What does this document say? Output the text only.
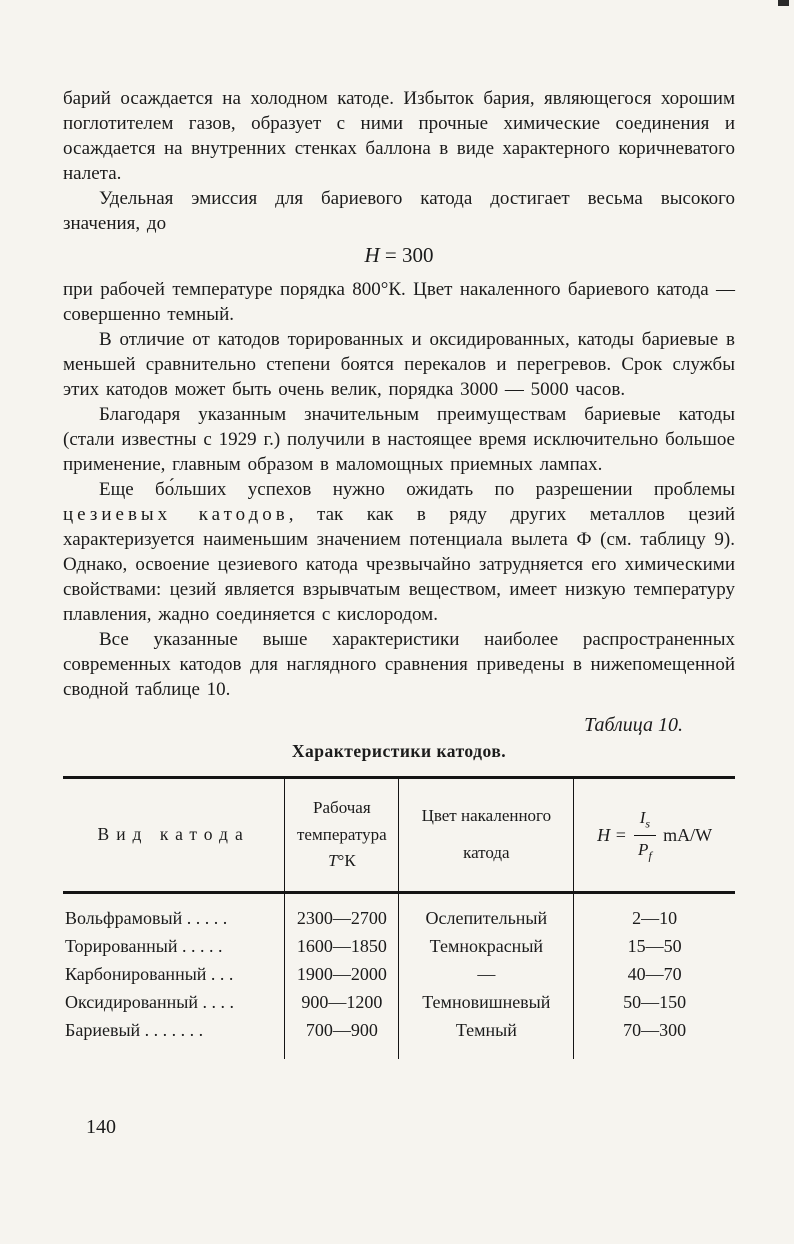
барий осаждается на холодном катоде. Избыток бария, являющегося хорошим поглотителем газов, образует с ними прочные химические соединения и осаждается на внутренних стенках баллона в виде характерного коричневатого налета.

Удельная эмиссия для бариевого катода достигает весьма высокого значения, до

H = 300

при рабочей температуре порядка 800°К. Цвет накаленного бариевого катода — совершенно темный.

В отличие от катодов торированных и оксидированных, катоды бариевые в меньшей сравнительно степени боятся перекалов и перегревов. Срок службы этих катодов может быть очень велик, порядка 3000 — 5000 часов.

Благодаря указанным значительным преимуществам бариевые катоды (стали известны с 1929 г.) получили в настоящее время исключительно большое применение, главным образом в маломощных приемных лампах.

Еще бо́льших успехов нужно ожидать по разрешении проблемы цезиевых катодов, так как в ряду других металлов цезий характеризуется наименьшим значением потенциала вылета Ф (см. таблицу 9). Однако, освоение цезиевого катода чрезвычайно затрудняется его химическими свойствами: цезий является взрывчатым веществом, имеет низкую температуру плавления, жадно соединяется с кислородом.

Все указанные выше характеристики наиболее распространенных современных катодов для наглядного сравнения приведены в нижепомещенной сводной таблице 10.

Таблица 10.
Характеристики катодов.
Вид катода	
Рабочая
температура
Т°К

Цвет накаленного
катода

$H = \frac{I_s}{P_f} mA/W$

Вольфрамовый . . . . .	2300—2700	Ослепительный	2—10
Торированный . . . . .	1600—1850	Темнокрасный	15—50
Карбонированный . . .	1900—2000	—	40—70
Оксидированный . . . .	900—1200	Темновишневый	50—150
Бариевый . . . . . . .	700—900	Темный	70—300
140
